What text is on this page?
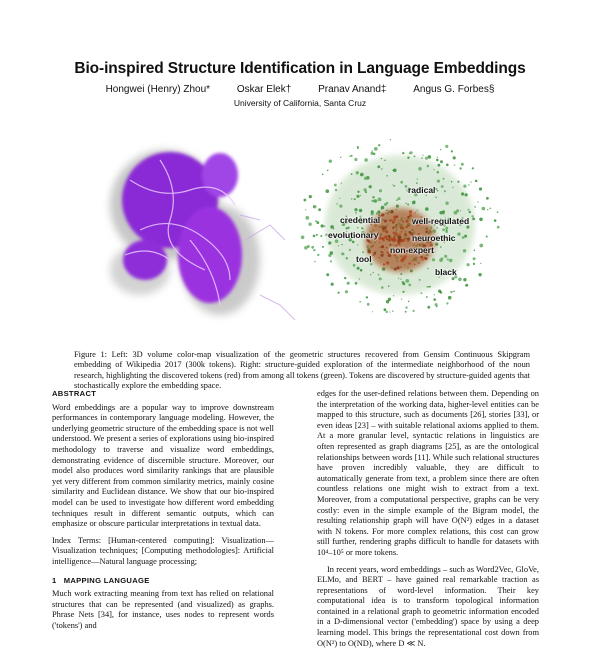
Bio-inspired Structure Identification in Language Embeddings
Hongwei (Henry) Zhou*	Oskar Elek†	Pranav Anand‡	Angus G. Forbes§
University of California, Santa Cruz
radical
credential	well-regulated
evolutionary	neurоethic
non-expert
tool
black
Figure 1: Left: 3D volume color-map visualization of the geometric structures recovered from Gensim Continuous Skipgram embedding of Wikipedia 2017 (300k tokens). Right: structure-guided exploration of the intermediate neighborhood of the noun research, highlighting the discovered tokens (red) from among all tokens (green). Tokens are discovered by structure-guided agents that stochastically explore the embedding space.
ABSTRACT

Word embeddings are a popular way to improve downstream performances in contemporary language modeling. However, the underlying geometric structure of the embedding space is not well understood. We present a series of explorations using bio-inspired methodology to traverse and visualize word embeddings, demonstrating evidence of discernible structure. Moreover, our model also produces word similarity rankings that are plausible yet very different from common similarity metrics, mainly cosine similarity and Euclidean distance. We show that our bio-inspired model can be used to investigate how different word embedding techniques result in different semantic outputs, which can emphasize or obscure particular interpretations in textual data.

Index Terms: [Human-centered computing]: Visualization—Visualization techniques; [Computing methodologies]: Artificial intelligence—Natural language processing;

1   MAPPING LANGUAGE

Much work extracting meaning from text has relied on relational structures that can be represented (and visualized) as graphs. Phrase Nets [34], for instance, uses nodes to represent words ('tokens') and

edges for the user-defined relations between them. Depending on the interpretation of the working data, higher-level entities can be mapped to this structure, such as documents [26], stories [33], or even ideas [23] – with suitable relational axioms applied to them. At a more granular level, syntactic relations in linguistics are often represented as graph diagrams [25], as are the ontological relationships between words [11]. While such relational structures have proven incredibly valuable, they are difficult to automatically generate from text, a problem since there are often countless relations one might wish to extract from a text. Moreover, from a computational perspective, graphs can be very costly: even in the simple example of the Bigram model, the resulting relationship graph will have O(N²) edges in a dataset with N tokens. For more complex relations, this cost can grow still further, rendering graphs difficult to handle for datasets with 10⁴–10⁵ or more tokens.

In recent years, word embeddings – such as Word2Vec, GloVe, ELMo, and BERT – have gained real remarkable traction as representations of word-level information. Their key computational idea is to transform topological information contained in a relational graph to geometric information encoded in a D-dimensional vector ('embedding') space by using a deep learning model. This brings the representational cost down from O(N²) to O(ND), where D ≪ N.
